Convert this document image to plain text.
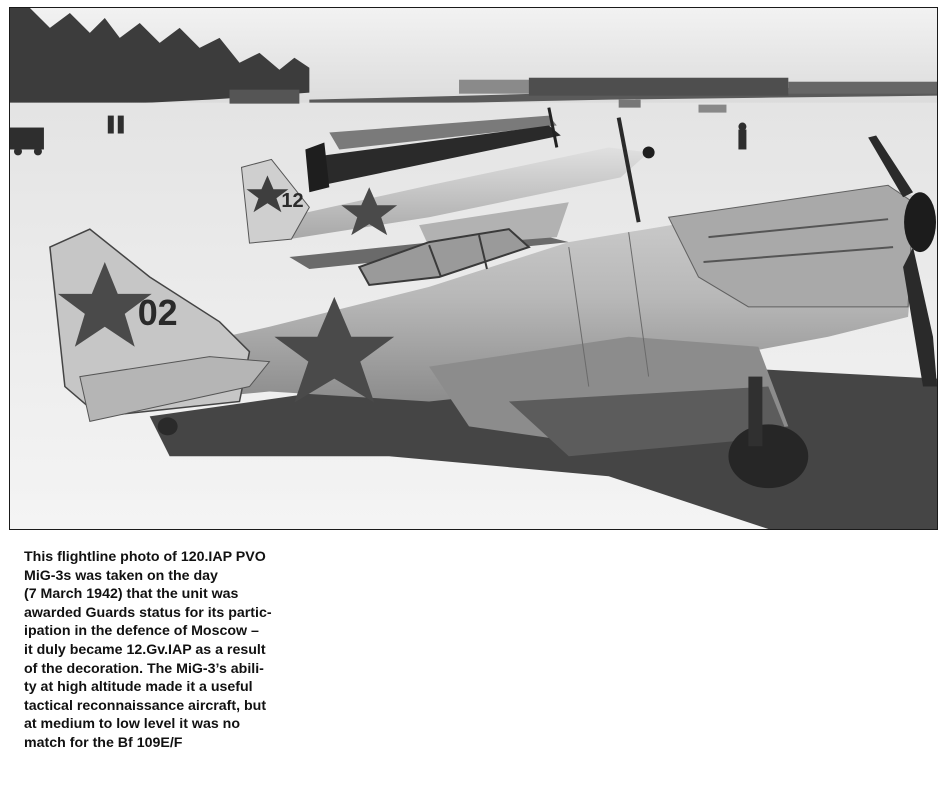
12
02

This flightline photo of 120.IAP PVO
MiG-3s was taken on the day
(7 March 1942) that the unit was
awarded Guards status for its partic-
ipation in the defence of Moscow –
it duly became 12.Gv.IAP as a result
of the decoration. The MiG-3’s abili-
ty at high altitude made it a useful
tactical reconnaissance aircraft, but
at medium to low level it was no
match for the Bf 109E/F
